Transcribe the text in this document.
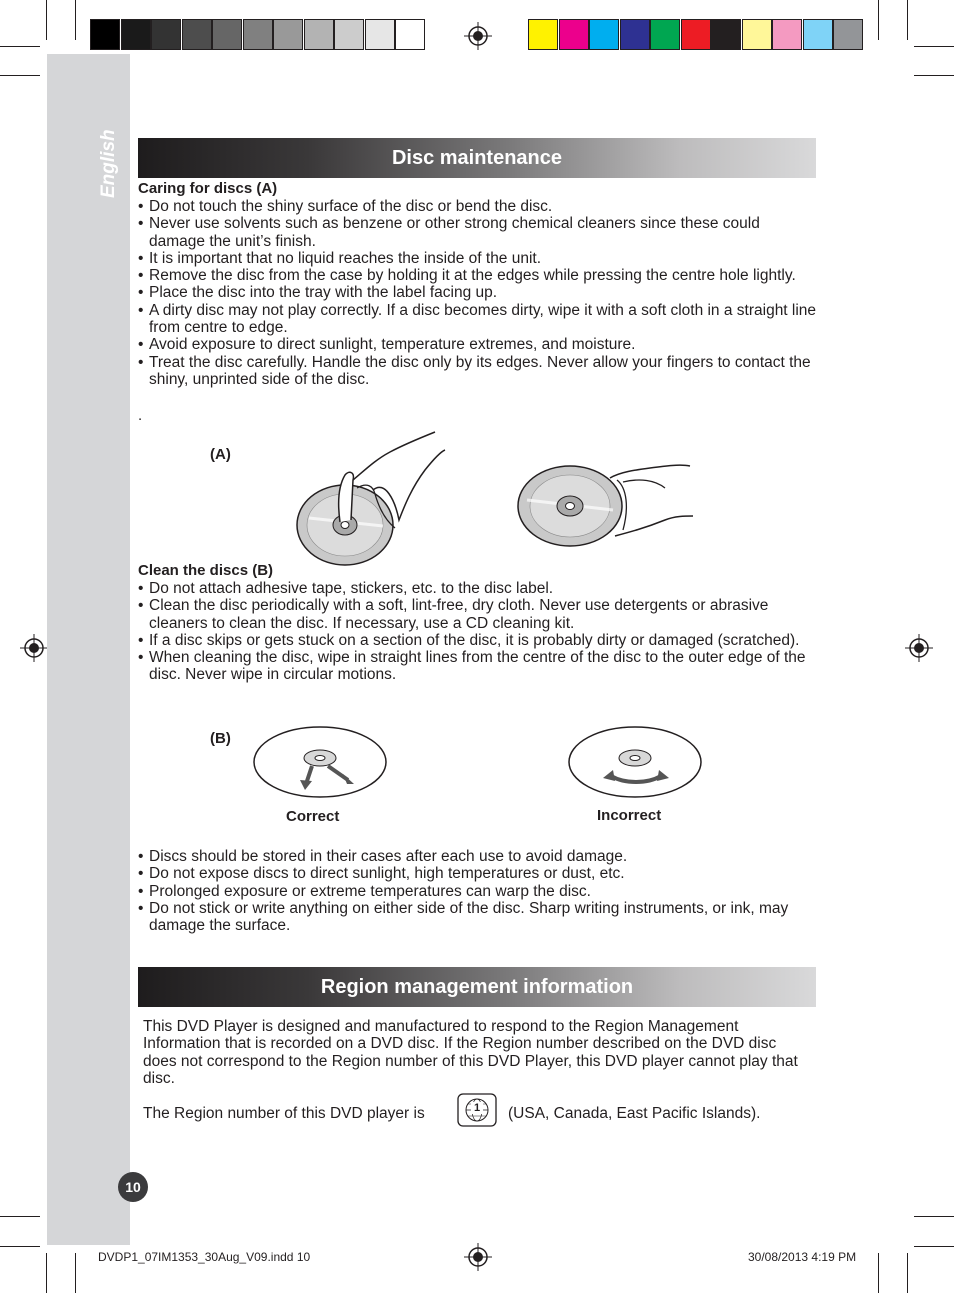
English	Disc maintenance
Caring for discs (A)
• Do not touch the shiny surface of the disc or bend the disc.
• Never use solvents such as benzene or other strong chemical cleaners since these could damage the unit’s finish.
• It is important that no liquid reaches the inside of the unit.
• Remove the disc from the case by holding it at the edges while pressing the centre hole lightly.
• Place the disc into the tray with the label facing up.
• A dirty disc may not play correctly. If a disc becomes dirty, wipe it with a soft cloth in a straight line from centre to edge.
• Avoid exposure to direct sunlight, temperature extremes, and moisture.
• Treat the disc carefully. Handle the disc only by its edges. Never allow your fingers to contact the shiny, unprinted side of the disc.
.
(A)
Clean the discs (B)
• Do not attach adhesive tape, stickers, etc. to the disc label.
• Clean the disc periodically with a soft, lint-free, dry cloth. Never use detergents or abrasive cleaners to clean the disc. If necessary, use a CD cleaning kit.
• If a disc skips or gets stuck on a section of the disc, it is probably dirty or damaged (scratched).
• When cleaning the disc, wipe in straight lines from the centre of the disc to the outer edge of the disc. Never wipe in circular motions.
(B)
Correct	Incorrect
• Discs should be stored in their cases after each use to avoid damage.
• Do not expose discs to direct sunlight, high temperatures or dust, etc.
• Prolonged exposure or extreme temperatures can warp the disc.
• Do not stick or write anything on either side of the disc. Sharp writing instruments, or ink, may damage the surface.
Region management information
This DVD Player is designed and manufactured to respond to the Region Management Information that is recorded on a DVD disc. If the Region number described on the DVD disc does not correspond to the Region number of this DVD Player, this DVD player cannot play that disc.
The Region number of this DVD player is	1 (USA, Canada, East Pacific Islands).
10
DVDP1_07IM1353_30Aug_V09.indd 10	30/08/2013 4:19 PM
